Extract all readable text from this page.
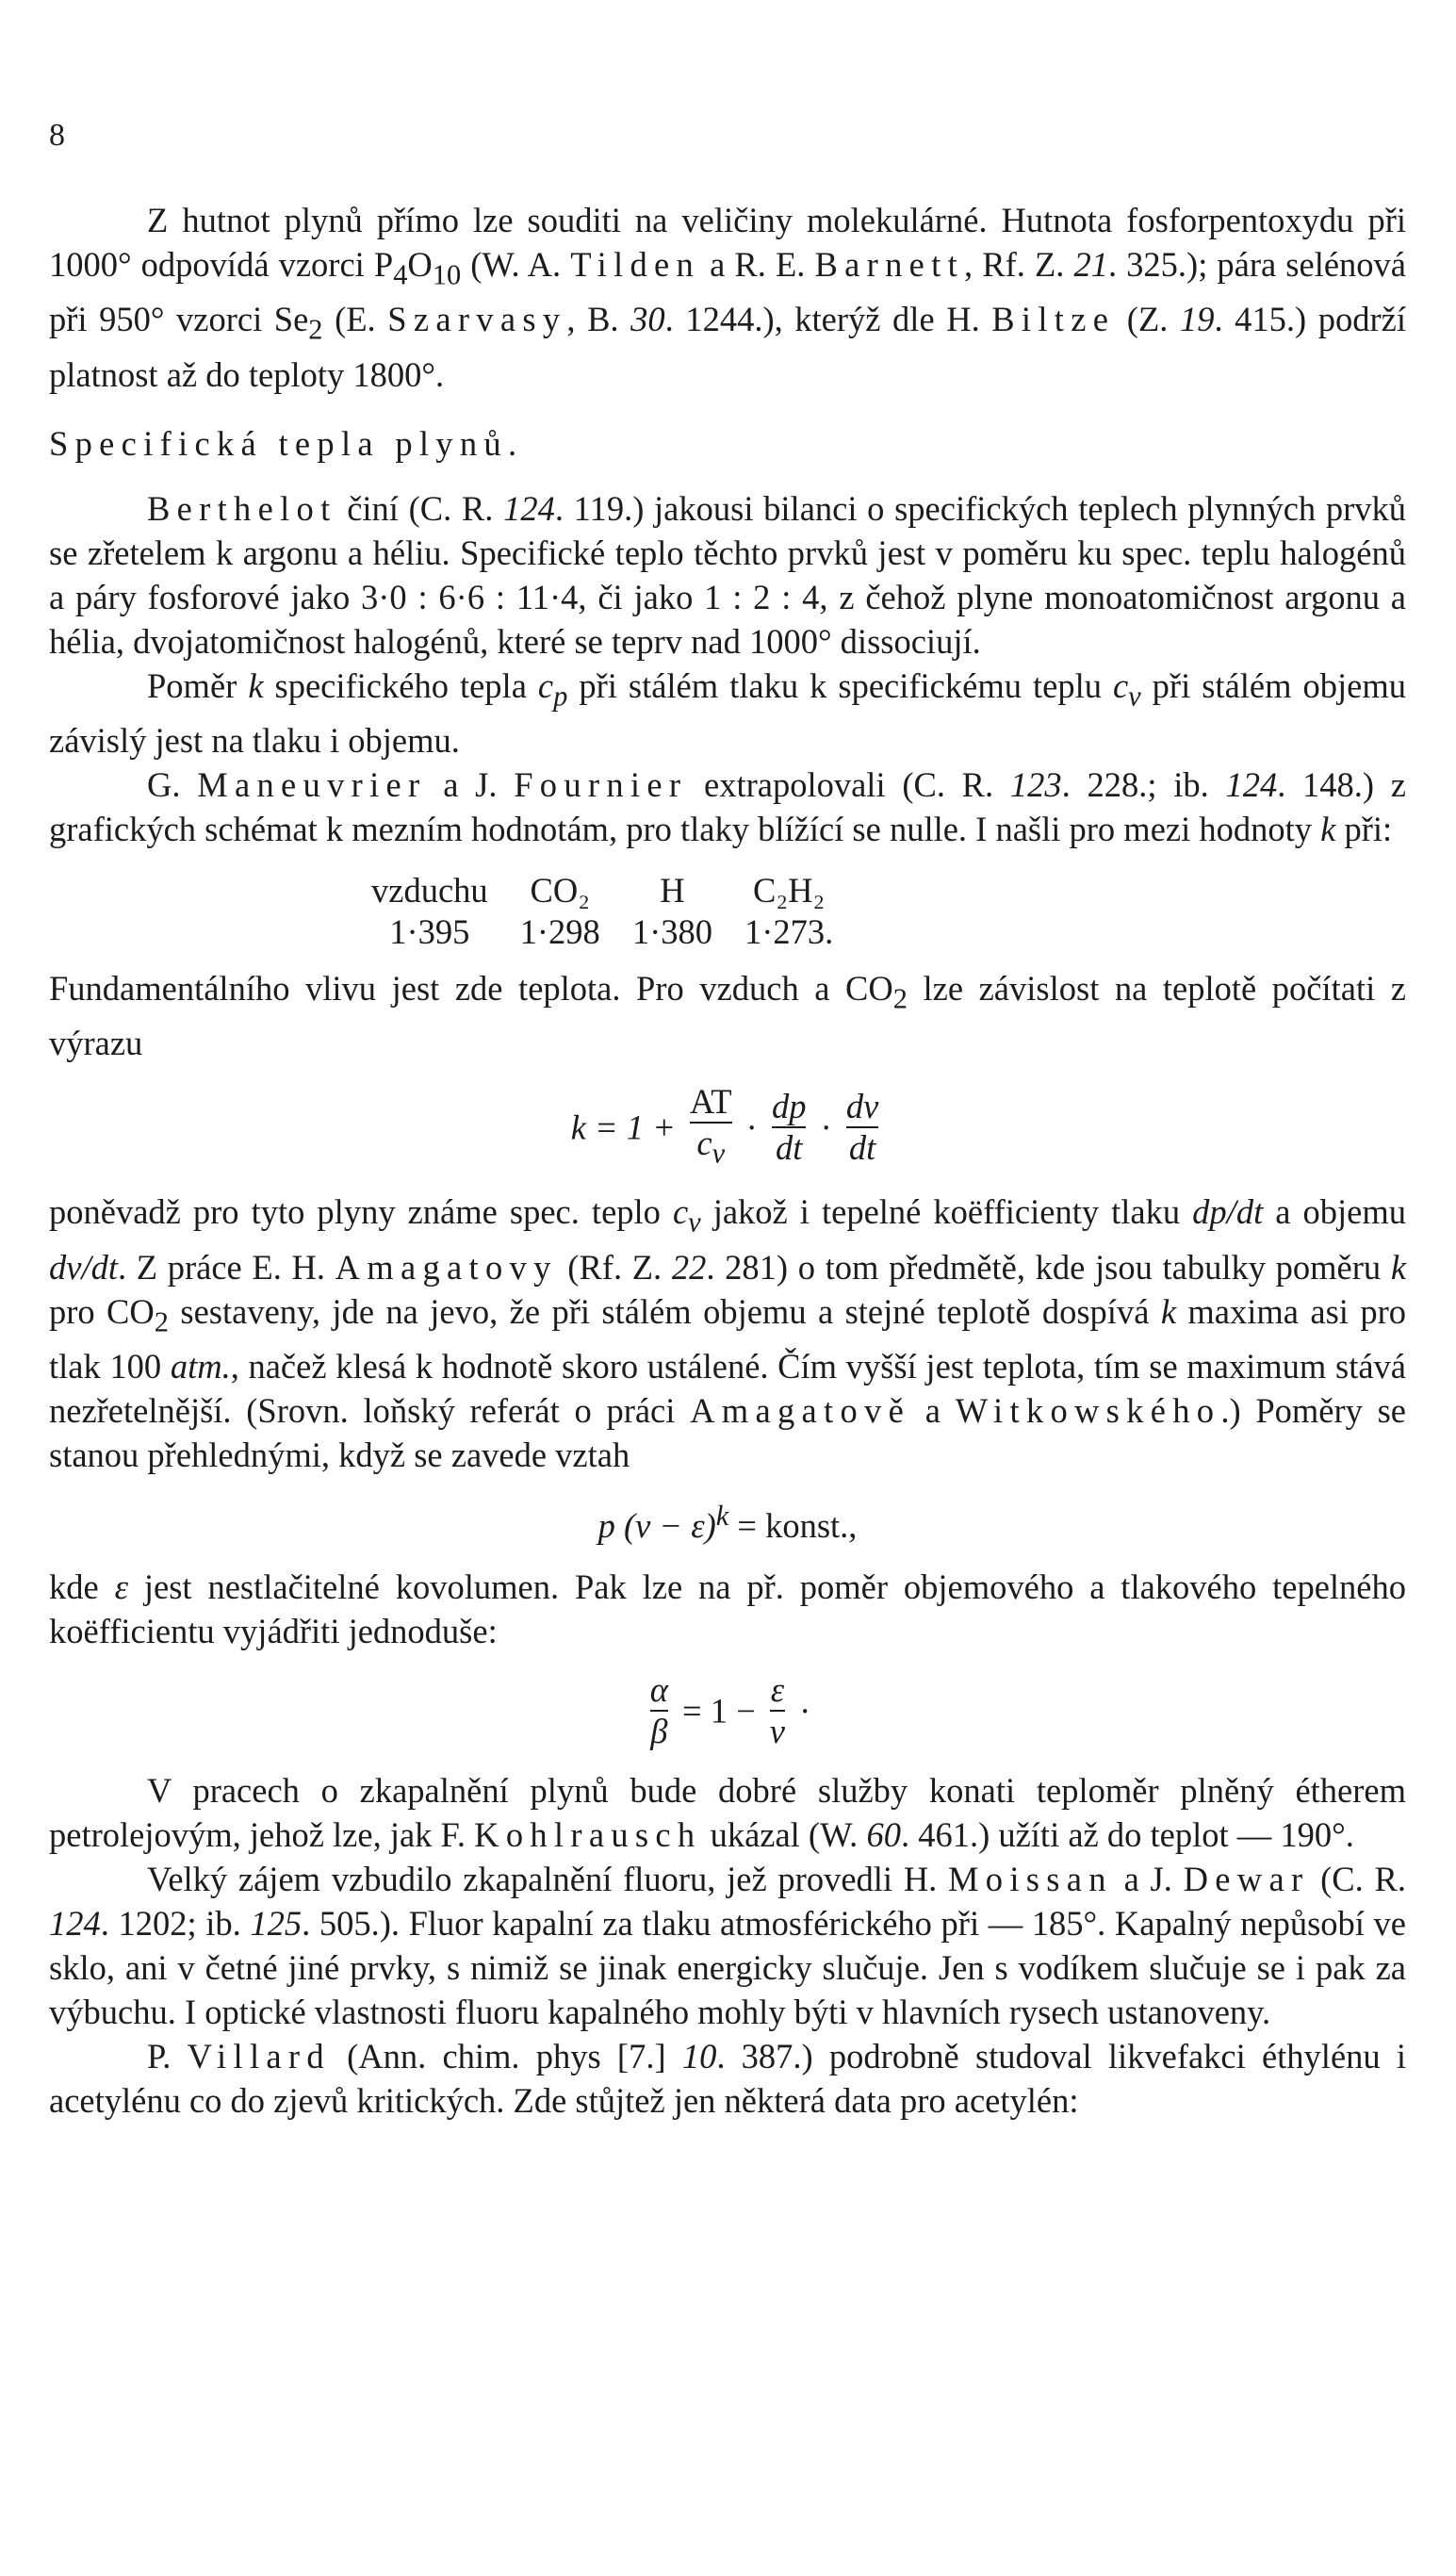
8

Z hutnot plynů přímo lze souditi na veličiny molekulárné. Hutnota fosforpentoxydu při 1000° odpovídá vzorci $P_4O_{10}$ (W. A. Tilden a R. E. Barnett, Rf. Z. 21. 325.); pára selénová při 950° vzorci $Se_2$ (E. Szarvasy, B. 30. 1244.), kterýž dle H. Biltze (Z. 19. 415.) podrží platnost až do teploty 1800°.

Specifická tepla plynů.

Berthelot činí (C. R. 124. 119.) jakousi bilanci o specifických teplech plynných prvků se zřetelem k argonu a héliu. Specifické teplo těchto prvků jest v poměru ku spec. teplu halogénů a páry fosforové jako 3·0 : 6·6 : 11·4, či jako 1 : 2 : 4, z čehož plyne monoatomičnost argonu a hélia, dvojatomičnost halogénů, které se teprv nad 1000° dissociují.

Poměr k specifického tepla $c_p$ při stálém tlaku k specifickému teplu $c_v$ při stálém objemu závislý jest na tlaku i objemu.

G. Maneuvrier a J. Fournier extrapolovali (C. R. 123. 228.; ib. 124. 148.) z grafických schémat k mezním hodnotám, pro tlaky blížící se nulle. I našli pro mezi hodnoty k při:

vzduchu	CO₂	H	C₂H₂
1·395	1·298	1·380	1·273.

Fundamentálního vlivu jest zde teplota. Pro vzduch a $CO_2$ lze závislost na teplotě počítati z výrazu

$k = 1 + \frac{AT}{c_v} \cdot \frac{dp}{dt} \cdot \frac{dv}{dt}$

poněvadž pro tyto plyny známe spec. teplo $c_v$ jakož i tepelné koëfficienty tlaku dp/dt a objemu dv/dt. Z práce E. H. Amagatovy (Rf. Z. 22. 281) o tom předmětě, kde jsou tabulky poměru k pro $CO_2$ sestaveny, jde na jevo, že při stálém objemu a stejné teplotě dospívá k maxima asi pro tlak 100 atm., načež klesá k hodnotě skoro ustálené. Čím vyšší jest teplota, tím se maximum stává nezřetelnější. (Srovn. loňský referát o práci Amagatově a Witkowského.) Poměry se stanou přehlednými, když se zavede vztah

p $(v - \varepsilon)^k$ = konst.,

kde ε jest nestlačitelné kovolumen. Pak lze na př. poměr objemového a tlakového tepelného koëfficientu vyjádřiti jednoduše:

$\frac{\alpha}{\beta} = 1 - \frac{\varepsilon}{v}$ ·

V pracech o zkapalnění plynů bude dobré služby konati teploměr plněný étherem petrolejovým, jehož lze, jak F. Kohlrausch ukázal (W. 60. 461.) užíti až do teplot — 190°.

Velký zájem vzbudilo zkapalnění fluoru, jež provedli H. Moissan a J. Dewar (C. R. 124. 1202; ib. 125. 505.). Fluor kapalní za tlaku atmosférického při — 185°. Kapalný nepůsobí ve sklo, ani v četné jiné prvky, s nimiž se jinak energicky slučuje. Jen s vodíkem slučuje se i pak za výbuchu. I optické vlastnosti fluoru kapalného mohly býti v hlavních rysech ustanoveny.

P. Villard (Ann. chim. phys [7.] 10. 387.) podrobně studoval likvefakci éthylénu i acetylénu co do zjevů kritických. Zde stůjtež jen některá data pro acetylén:
